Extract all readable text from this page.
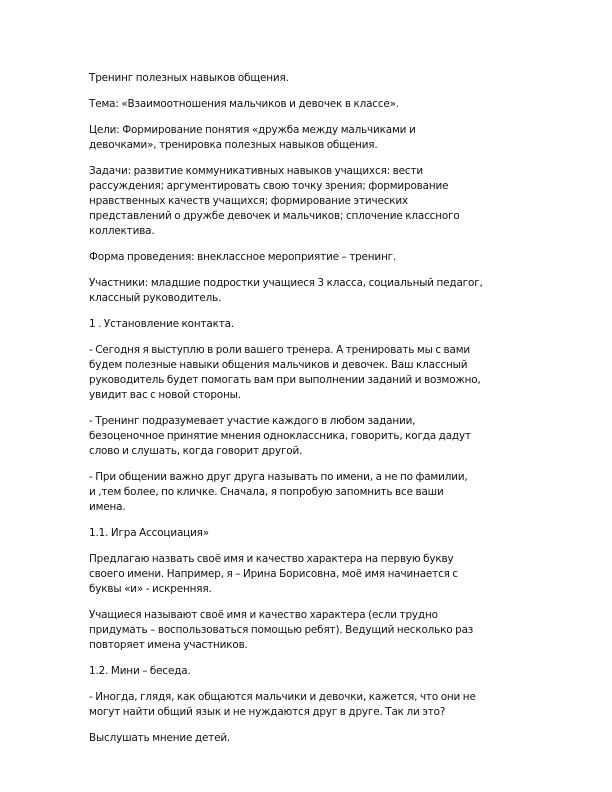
Тренинг полезных навыков общения.

Тема: «Взаимоотношения мальчиков и девочек в классе».

Цели: Формирование понятия «дружба между мальчиками и
девочками», тренировка полезных навыков общения.

Задачи: развитие коммуникативных навыков учащихся: вести
рассуждения; аргументировать свою точку зрения; формирование
нравственных качеств учащихся; формирование этических
представлений о дружбе девочек и мальчиков; сплочение классного
коллектива.

Форма проведения: внеклассное мероприятие – тренинг.

Участники: младшие подростки учащиеся 3 класса, социальный педагог,
классный руководитель.

1 . Установление контакта.

- Сегодня я выступлю в роли вашего тренера. А тренировать мы с вами
будем полезные навыки общения мальчиков и девочек. Ваш классный
руководитель будет помогать вам при выполнении заданий и возможно,
увидит вас с новой стороны.

- Тренинг подразумевает участие каждого в любом задании,
безоценочное принятие мнения одноклассника, говорить, когда дадут
слово и слушать, когда говорит другой.

- При общении важно друг друга называть по имени, а не по фамилии,
и ,тем более, по кличке. Сначала, я попробую запомнить все ваши
имена.

1.1. Игра Ассоциация»

Предлагаю назвать своё имя и качество характера на первую букву
своего имени. Например, я – Ирина Борисовна, моё имя начинается с
буквы «и» - искренняя.

Учащиеся называют своё имя и качество характера (если трудно
придумать – воспользоваться помощью ребят). Ведущий несколько раз
повторяет имена участников.

1.2. Мини – беседа.

- Иногда, глядя, как общаются мальчики и девочки, кажется, что они не
могут найти общий язык и не нуждаются друг в друге. Так ли это?

Выслушать мнение детей.
